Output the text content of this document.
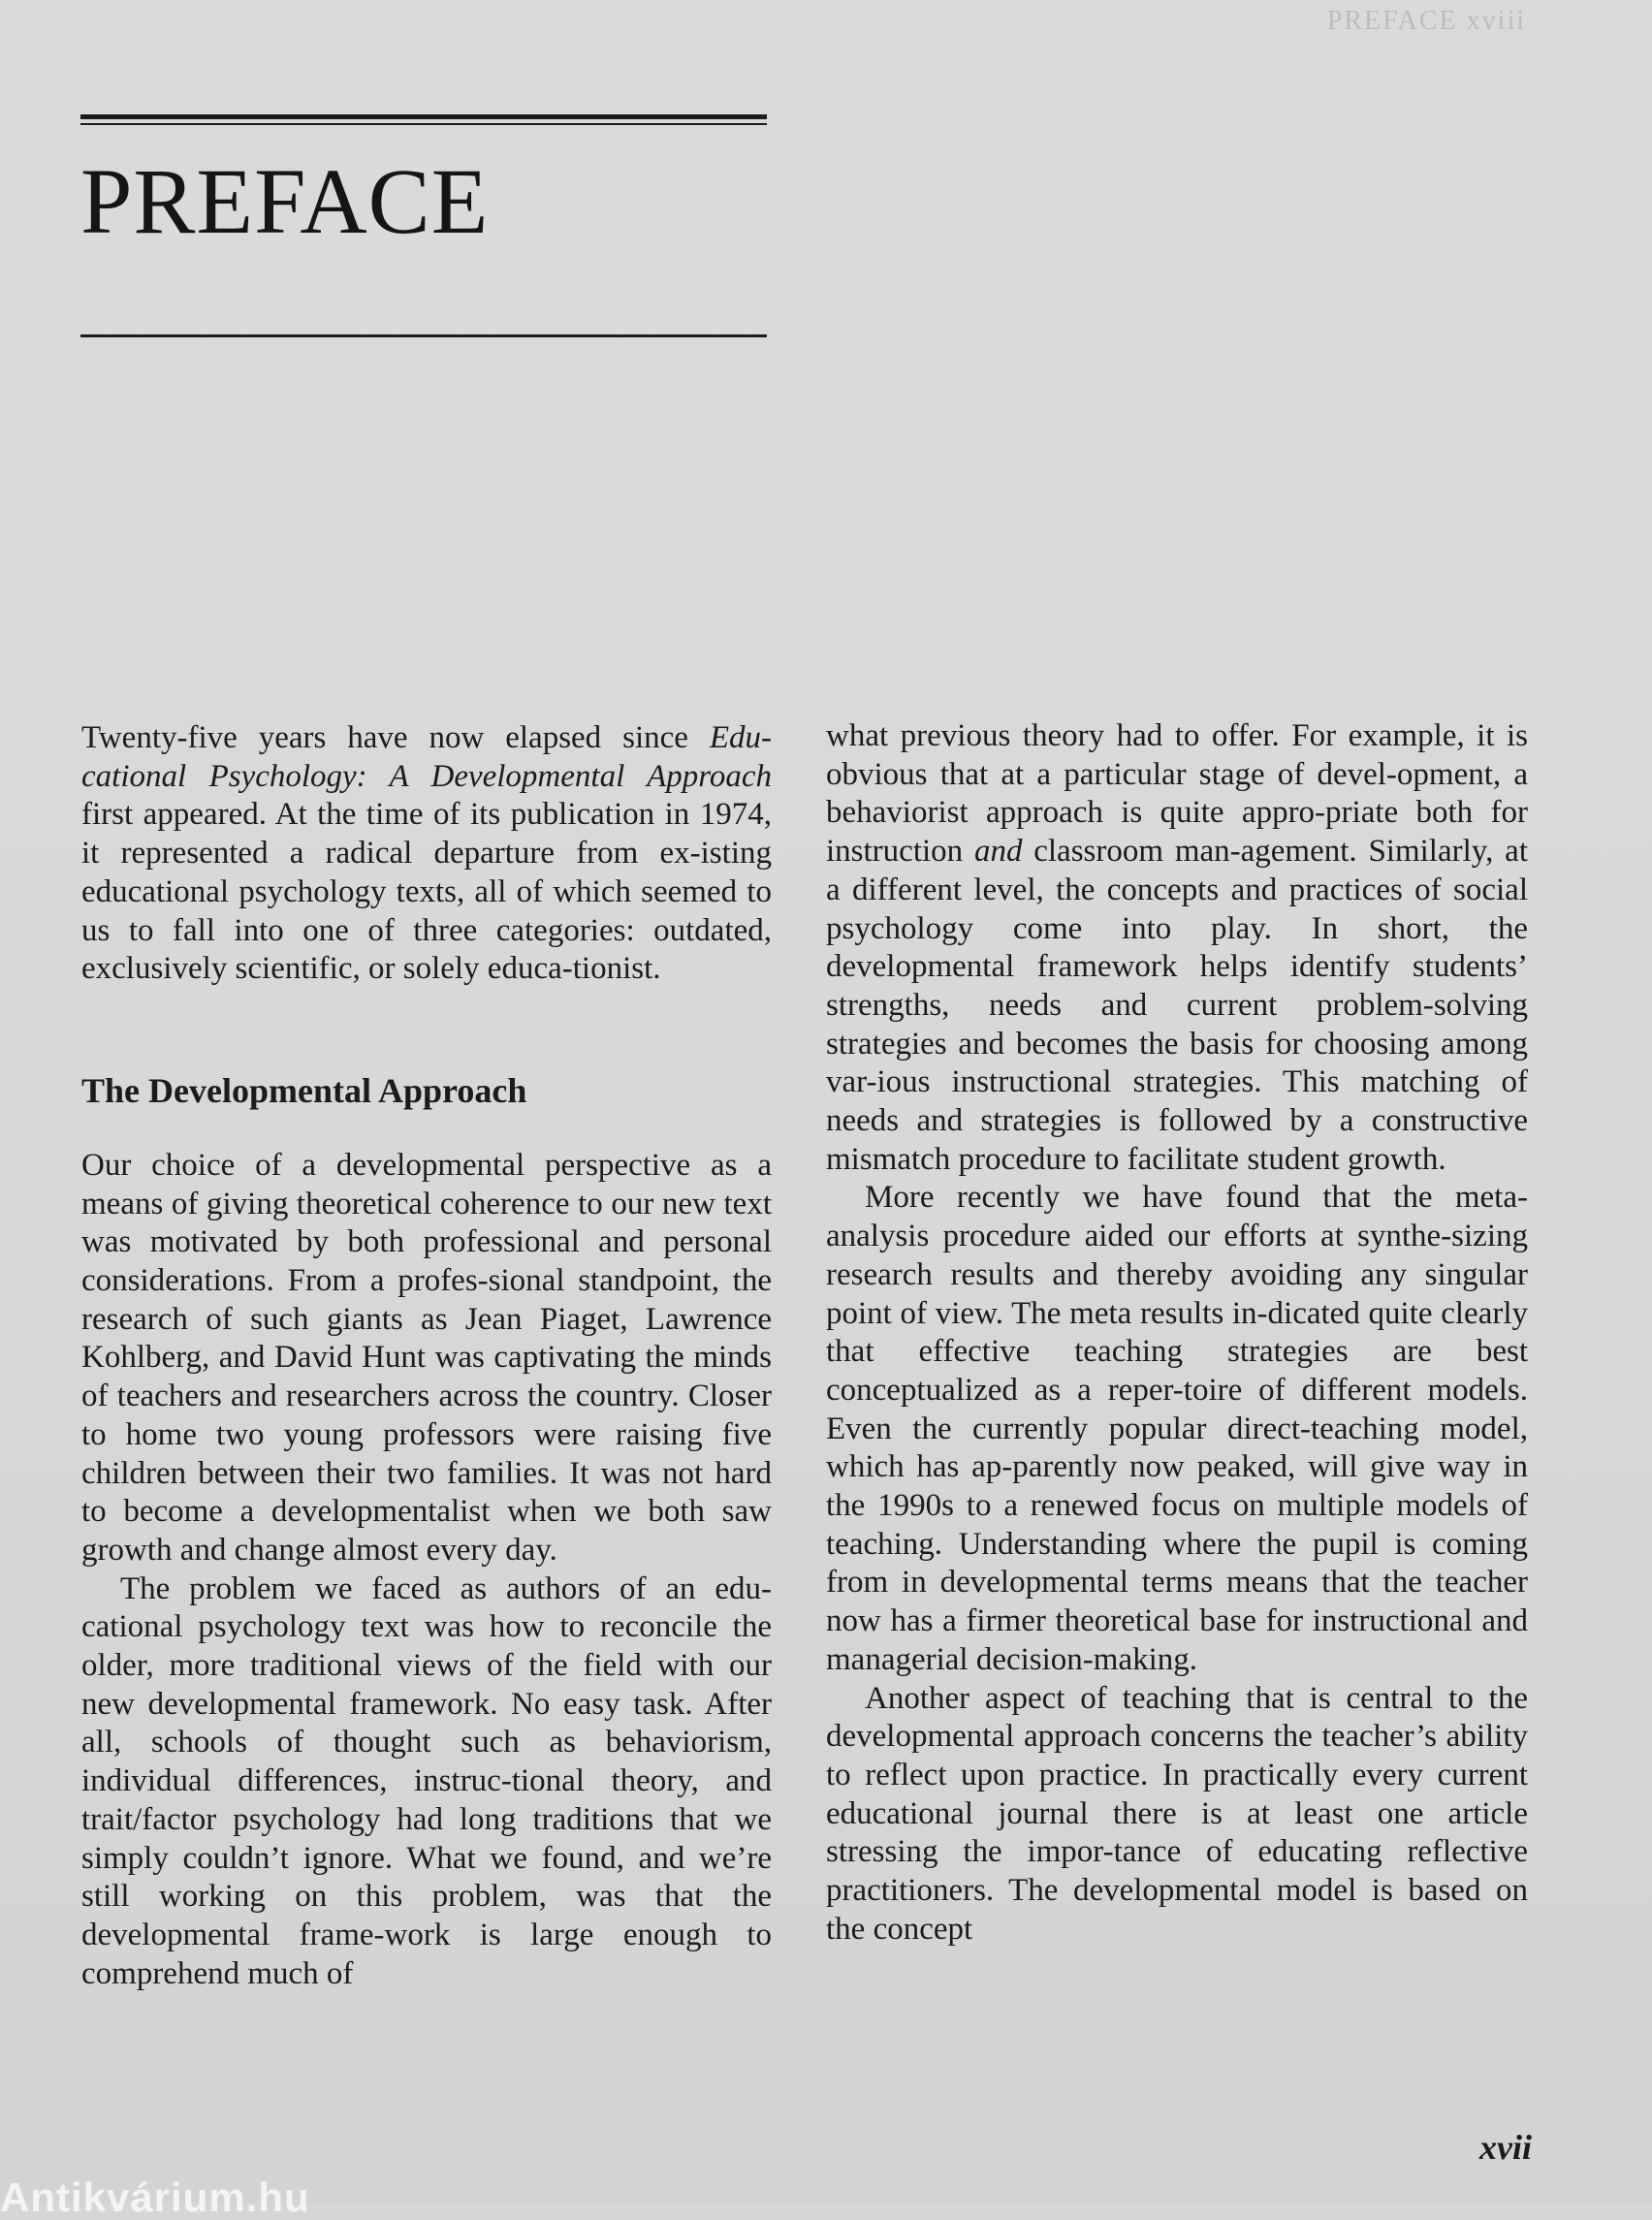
PREFACE xviii
PREFACE

Twenty-five years have now elapsed since Edu- cational Psychology: A Developmental Approach first appeared. At the time of its publication in 1974, it represented a radical departure from ex-isting educational psychology texts, all of which seemed to us to fall into one of three categories: outdated, exclusively scientific, or solely educa-tionist.

The Developmental Approach

Our choice of a developmental perspective as a means of giving theoretical coherence to our new text was motivated by both professional and personal considerations. From a profes-sional standpoint, the research of such giants as Jean Piaget, Lawrence Kohlberg, and David Hunt was captivating the minds of teachers and researchers across the country. Closer to home two young professors were raising five children between their two families. It was not hard to become a developmentalist when we both saw growth and change almost every day.

The problem we faced as authors of an edu-cational psychology text was how to reconcile the older, more traditional views of the field with our new developmental framework. No easy task. After all, schools of thought such as behaviorism, individual differences, instruc-tional theory, and trait/factor psychology had long traditions that we simply couldn’t ignore. What we found, and we’re still working on this problem, was that the developmental frame-work is large enough to comprehend much of

what previous theory had to offer. For example, it is obvious that at a particular stage of devel-opment, a behaviorist approach is quite appro-priate both for instruction and classroom man-agement. Similarly, at a different level, the concepts and practices of social psychology come into play. In short, the developmental framework helps identify students’ strengths, needs and current problem-solving strategies and becomes the basis for choosing among var-ious instructional strategies. This matching of needs and strategies is followed by a constructive mismatch procedure to facilitate student growth.

More recently we have found that the meta-analysis procedure aided our efforts at synthe-sizing research results and thereby avoiding any singular point of view. The meta results in-dicated quite clearly that effective teaching strategies are best conceptualized as a reper-toire of different models. Even the currently popular direct-teaching model, which has ap-parently now peaked, will give way in the 1990s to a renewed focus on multiple models of teaching. Understanding where the pupil is coming from in developmental terms means that the teacher now has a firmer theoretical base for instructional and managerial decision-making.

Another aspect of teaching that is central to the developmental approach concerns the teacher’s ability to reflect upon practice. In practically every current educational journal there is at least one article stressing the impor-tance of educating reflective practitioners. The developmental model is based on the concept

xvii
Antikvárium.hu
